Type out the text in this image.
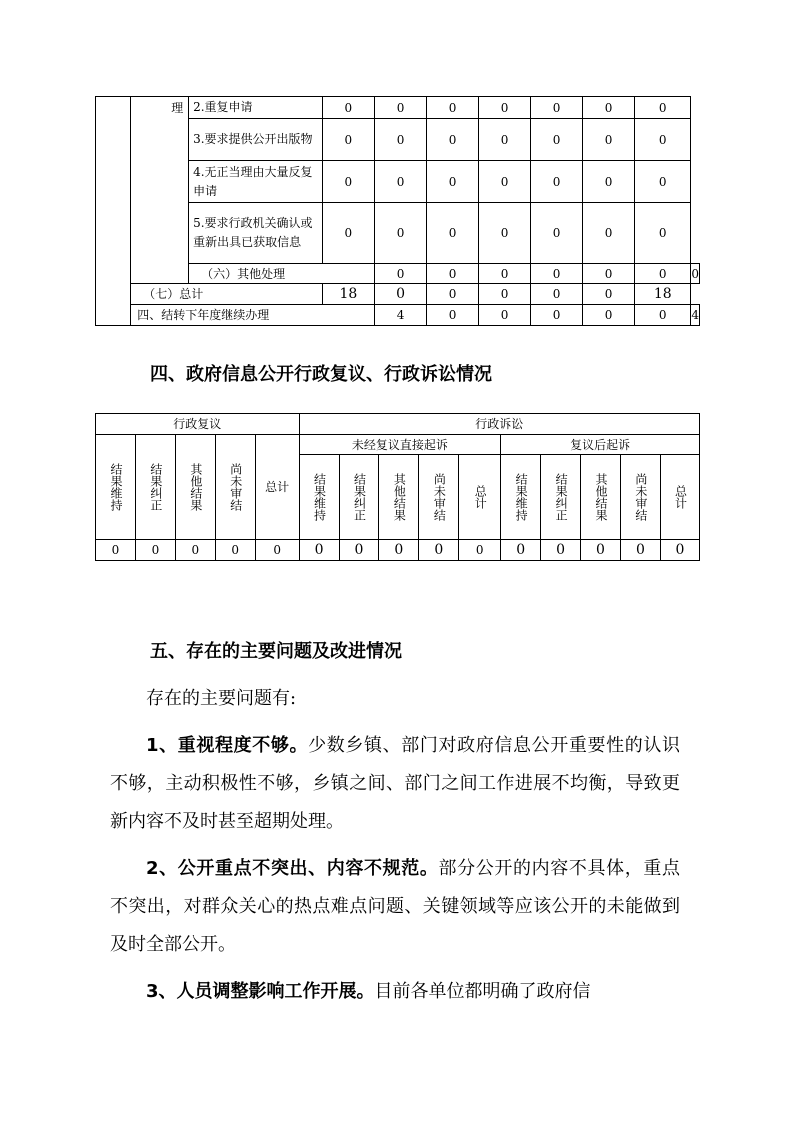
	理	2.重复申请	0	0	0	0	0	0	0	
		3.要求提供公开出版物	0	0	0	0	0	0	0	
		4.无正当理由大量反复申请	0	0	0	0	0	0	0	
		5.要求行政机关确认或重新出具已获取信息	0	0	0	0	0	0	0	
		（六）其他处理		0	0	0	0	0	0	0
	（七）总计		18	0	0	0	0	0	18	
	四、结转下年度继续办理			4	0	0	0	0	0	4
四、政府信息公开行政复议、行政诉讼情况
行政复议					行政诉讼									
结果维持	结果纠正	其他结果	尚未审结	总计	未经复议直接起诉					复议后起诉				
					结果维持	结果纠正	其他结果	尚未审结	总计	结果维持	结果纠正	其他结果	尚未审结	总计
0	0	0	0	0	0	0	0	0	0	0	0	0	0	0
五、存在的主要问题及改进情况

存在的主要问题有:

1、重视程度不够。少数乡镇、部门对政府信息公开重要性的认识不够，主动积极性不够，乡镇之间、部门之间工作进展不均衡，导致更新内容不及时甚至超期处理。

2、公开重点不突出、内容不规范。部分公开的内容不具体，重点不突出，对群众关心的热点难点问题、关键领域等应该公开的未能做到及时全部公开。

3、人员调整影响工作开展。目前各单位都明确了政府信
